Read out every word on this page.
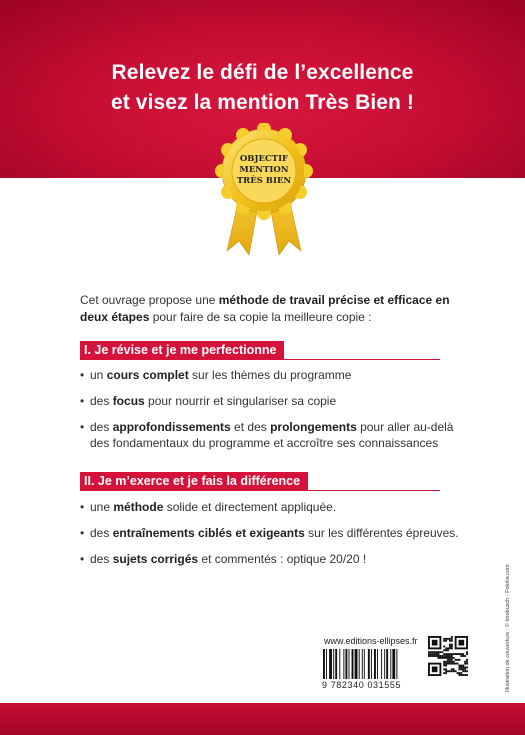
Relevez le défi de l’excellence
et visez la mention Très Bien !
OBJECTIF
MENTION
TRÈS BIEN
Cet ouvrage propose une méthode de travail précise et efficace en deux étapes pour faire de sa copie la meilleure copie :
I. Je révise et je me perfectionne
• un cours complet sur les thèmes du programme
• des focus pour nourrir et singulariser sa copie
• des approfondissements et des prolongements pour aller au-delà des fondamentaux du programme et accroître ses connaissances
II. Je m’exerce et je fais la différence
• une méthode solide et directement appliquée.
• des entraînements ciblés et exigeants sur les différentes épreuves.
• des sujets corrigés et commentés : optique 20/20 !
www.editions-ellipses.fr
9 782340 031555	Illustration de couverture : © Imobusch - Fotolia.com
